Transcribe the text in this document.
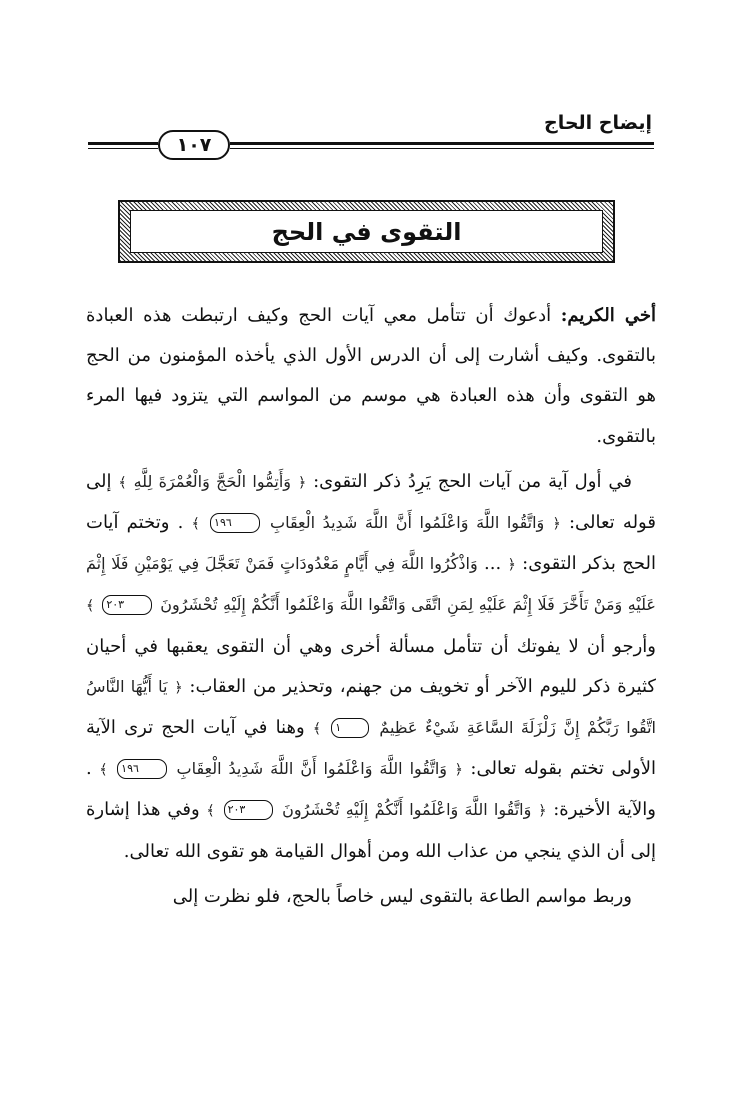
إيضاح الحاج
١٠٧
التقوى في الحج

أخي الكريم: أدعوك أن تتأمل معي آيات الحج وكيف ارتبطت هذه العبادة بالتقوى. وكيف أشارت إلى أن الدرس الأول الذي يأخذه المؤمنون من الحج هو التقوى وأن هذه العبادة هي موسم من المواسم التي يتزود فيها المرء بالتقوى.

في أول آية من آيات الحج يَرِدُ ذكر التقوى: ﴿ وَأَتِمُّوا الْحَجَّ وَالْعُمْرَةَ لِلَّهِ ﴾ إلى قوله تعالى: ﴿ وَاتَّقُوا اللَّهَ وَاعْلَمُوا أَنَّ اللَّهَ شَدِيدُ الْعِقَابِ ١٩٦ ﴾ . وتختم آيات الحج بذكر التقوى: ﴿ ... وَاذْكُرُوا اللَّهَ فِي أَيَّامٍ مَعْدُودَاتٍ فَمَنْ تَعَجَّلَ فِي يَوْمَيْنِ فَلَا إِثْمَ عَلَيْهِ وَمَنْ تَأَخَّرَ فَلَا إِثْمَ عَلَيْهِ لِمَنِ اتَّقَى وَاتَّقُوا اللَّهَ وَاعْلَمُوا أَنَّكُمْ إِلَيْهِ تُحْشَرُونَ ٢٠٣ ﴾ وأرجو أن لا يفوتك أن تتأمل مسألة أخرى وهي أن التقوى يعقبها في أحيان كثيرة ذكر لليوم الآخر أو تخويف من جهنم، وتحذير من العقاب: ﴿ يَا أَيُّهَا النَّاسُ اتَّقُوا رَبَّكُمْ إِنَّ زَلْزَلَةَ السَّاعَةِ شَيْءٌ عَظِيمٌ ١ ﴾ وهنا في آيات الحج ترى الآية الأولى تختم بقوله تعالى: ﴿ وَاتَّقُوا اللَّهَ وَاعْلَمُوا أَنَّ اللَّهَ شَدِيدُ الْعِقَابِ ١٩٦ ﴾ . والآية الأخيرة: ﴿ وَاتَّقُوا اللَّهَ وَاعْلَمُوا أَنَّكُمْ إِلَيْهِ تُحْشَرُونَ ٢٠٣ ﴾ وفي هذا إشارة إلى أن الذي ينجي من عذاب الله ومن أهوال القيامة هو تقوى الله تعالى.

وربط مواسم الطاعة بالتقوى ليس خاصاً بالحج، فلو نظرت إلى
